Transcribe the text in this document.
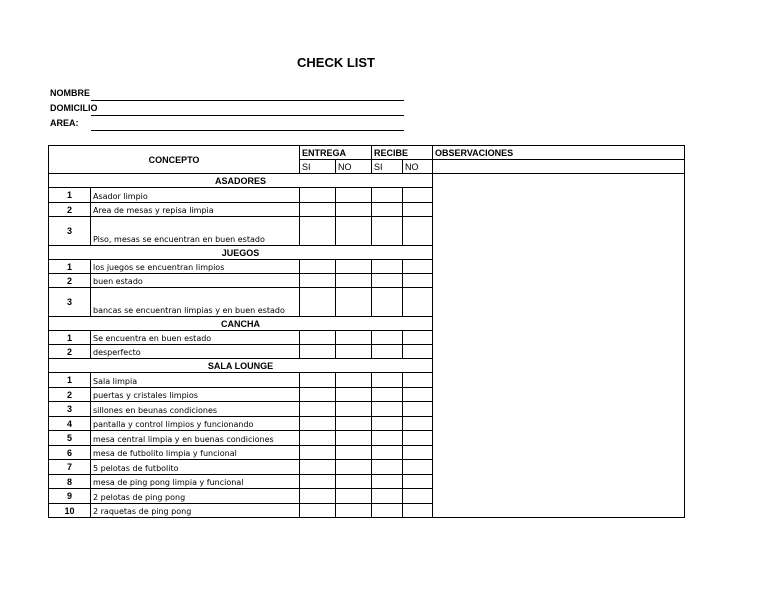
CHECK LIST
NOMBRE
DOMICILIO
AREA:
CONCEPTO		ENTREGA		RECIBE		OBSERVACIONES
		SI	NO	SI	NO	
ASADORES						
1	Asador limpio					
2	Area de mesas y repisa limpia					
3	Piso, mesas se encuentran en buen estado					
JUEGOS						
1	los juegos se encuentran limpios					
2	buen estado					
3	bancas se encuentran limpias y en buen estado					
CANCHA						
1	Se encuentra en buen estado					
2	desperfecto					
SALA LOUNGE						
1	Sala limpia					
2	puertas y cristales limpios					
3	sillones en beunas condiciones					
4	pantalla y control limpios y funcionando					
5	mesa central limpia y en buenas condiciones					
6	mesa de futbolito limpia y funcional					
7	5 pelotas de futbolito					
8	mesa de ping pong limpia y funcional					
9	2 pelotas de ping pong					
10	2 raquetas de ping pong					
